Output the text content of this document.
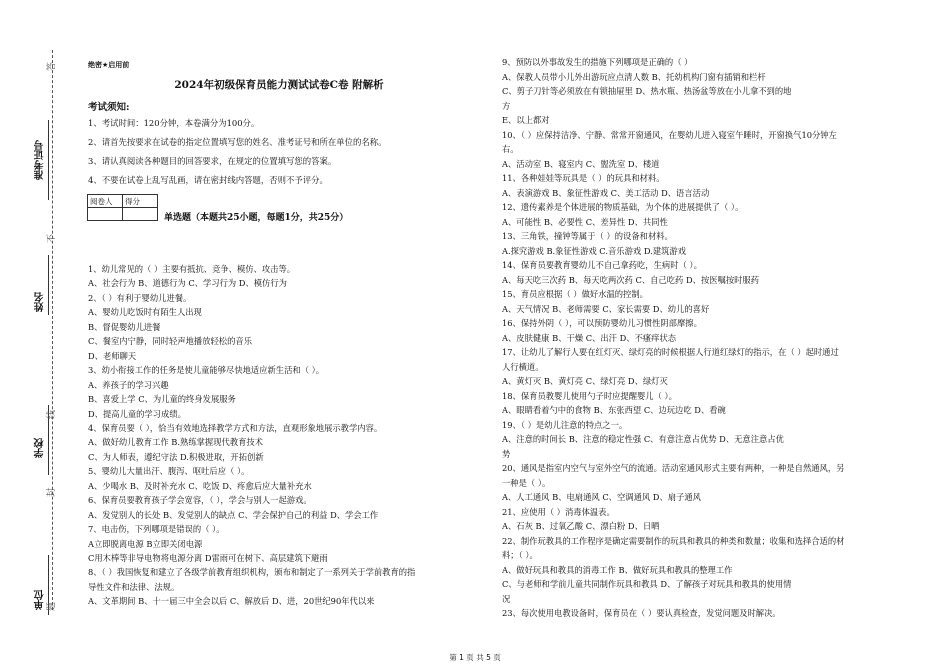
准考证号
姓名
学校
单位
答
不
线
封
题
绝密★启用前
2024年初级保育员能力测试试卷C卷 附解析
考试须知:
1、考试时间：120分钟，本卷满分为100分。
2、请首先按要求在试卷的指定位置填写您的姓名、准考证号和所在单位的名称。
3、请认真阅读各种题目的回答要求，在规定的位置填写您的答案。
4、不要在试卷上乱写乱画，请在密封线内答题，否则不予评分。
阅卷人	得分

单选题（本题共25小题，每题1分，共25分）
1、幼儿常见的（ ）主要有抵抗、竞争、模仿、攻击等。
A、社会行为 B、道德行为 C、学习行为 D、模仿行为
2、（ ）有利于婴幼儿进餐。
A、婴幼儿吃饭时有陌生人出现
B、督促婴幼儿进餐
C、餐室内宁静，同时轻声地播放轻松的音乐
D、老师聊天
3、幼小衔接工作的任务是使儿童能够尽快地适应新生活和（ ）。
A、养孩子的学习兴趣
B、喜爱上学 C、为儿童的终身发展服务
D、提高儿童的学习成绩。
4、保育员要（ ），恰当有效地选择教学方式和方法，直观形象地展示教学内容。
A、做好幼儿教育工作 B.熟练掌握现代教育技术
C、为人师表，遵纪守法 D.积极进取，开拓创新
5、婴幼儿大量出汗、腹泻、呕吐后应（ ）。
A、少喝水 B、及时补充水 C、吃饭 D、疼愈后应大量补充水
6、保育员要教育孩子学会宽容，（ ），学会与别人一起游戏。
A、发觉别人的长处 B、发觉别人的缺点 C、学会保护自己的利益 D、学会工作
7、电击伤，下列哪项是错误的（ ）。
A立即脱离电源 B立即关闭电源
C用木棒等非导电物将电源分离 D雷雨可在树下、高层建筑下避雨
8、（ ）我国恢复和建立了各级学前教育组织机构，颁布和制定了一系列关于学前教育的指
导性文件和法律、法规。
A、文革期间 B、十一届三中全会以后 C、解放后 D、进，20世纪90年代以来
9、预防以外事故发生的措施下列哪项是正确的（ ）
A、保教人员带小儿外出游玩应点清人数 B、托幼机构门窗有插销和栏杆
C、剪子刀针等必须放在有锁抽屉里 D、热水瓶、热汤盆等放在小儿拿不到的地
方
E、以上都对
10、（ ）应保持洁净、宁静、常常开窗通风，在婴幼儿进入寝室午睡时，开窗换气10分钟左
右。
A、活动室 B、寝室内 C、盥洗室 D、楼道
11、各种娃娃等玩具是（ ）的玩具和材料。
A、表演游戏 B、象征性游戏 C、美工活动 D、语言活动
12、遗传素养是个体进展的物质基础，为个体的进展提供了（ ）。
A、可能性 B、必要性 C、差异性 D、共同性
13、三角铁，撞钟等属于（ ）的设备和材料。
A.探究游戏 B.象征性游戏 C.音乐游戏 D.建筑游戏
14、保育员要教育婴幼儿不自己拿药吃，生病时（ ）。
A、每天吃三次药 B、每天吃两次药 C、自己吃药 D、按医嘱按时服药
15、育员应根据（ ）做好水温的控制。
A、天气情况 B、老师需要 C、家长需要 D、幼儿的喜好
16、保持外阴（ ），可以预防婴幼儿习惯性阴部摩擦。
A、皮肤健康 B、干燥 C、出汗 D、不瘙痒状态
17、让幼儿了解行人要在红灯灭、绿灯亮的时候根据人行道红绿灯的指示，在（ ）起时通过
人行横道。
A、黄灯灭 B、黄灯亮 C、绿灯亮 D、绿灯灭
18、保育员教婴儿使用勺子时应提醒婴儿（ ）。
A、眼睛看着勺中的食物 B、东张西望 C、边玩边吃 D、看碗
19、（ ）是幼儿注意的特点之一。
A、注意的时间长 B、注意的稳定性强 C、有意注意占优势 D、无意注意占优
势
20、通风是指室内空气与室外空气的流通。活动室通风形式主要有两种，一种是自然通风，另
一种是（ ）。
A、人工通风 B、电扇通风 C、空调通风 D、扇子通风
21、应使用（ ）消毒体温表。
A、石灰 B、过氧乙酸 C、漂白粉 D、日晒
22、制作玩教具的工作程序是确定需要制作的玩具和教具的种类和数量；收集和选择合适的材
料；（ ）。
A、做好玩具和教具的消毒工作 B、做好玩具和教具的整理工作
C、与老师和学前儿童共同制作玩具和教具 D、了解孩子对玩具和教具的使用情
况
23、每次使用电教设备时，保育员在（ ）要认真检查，发觉问题及时解决。
第 1 页 共 5 页
